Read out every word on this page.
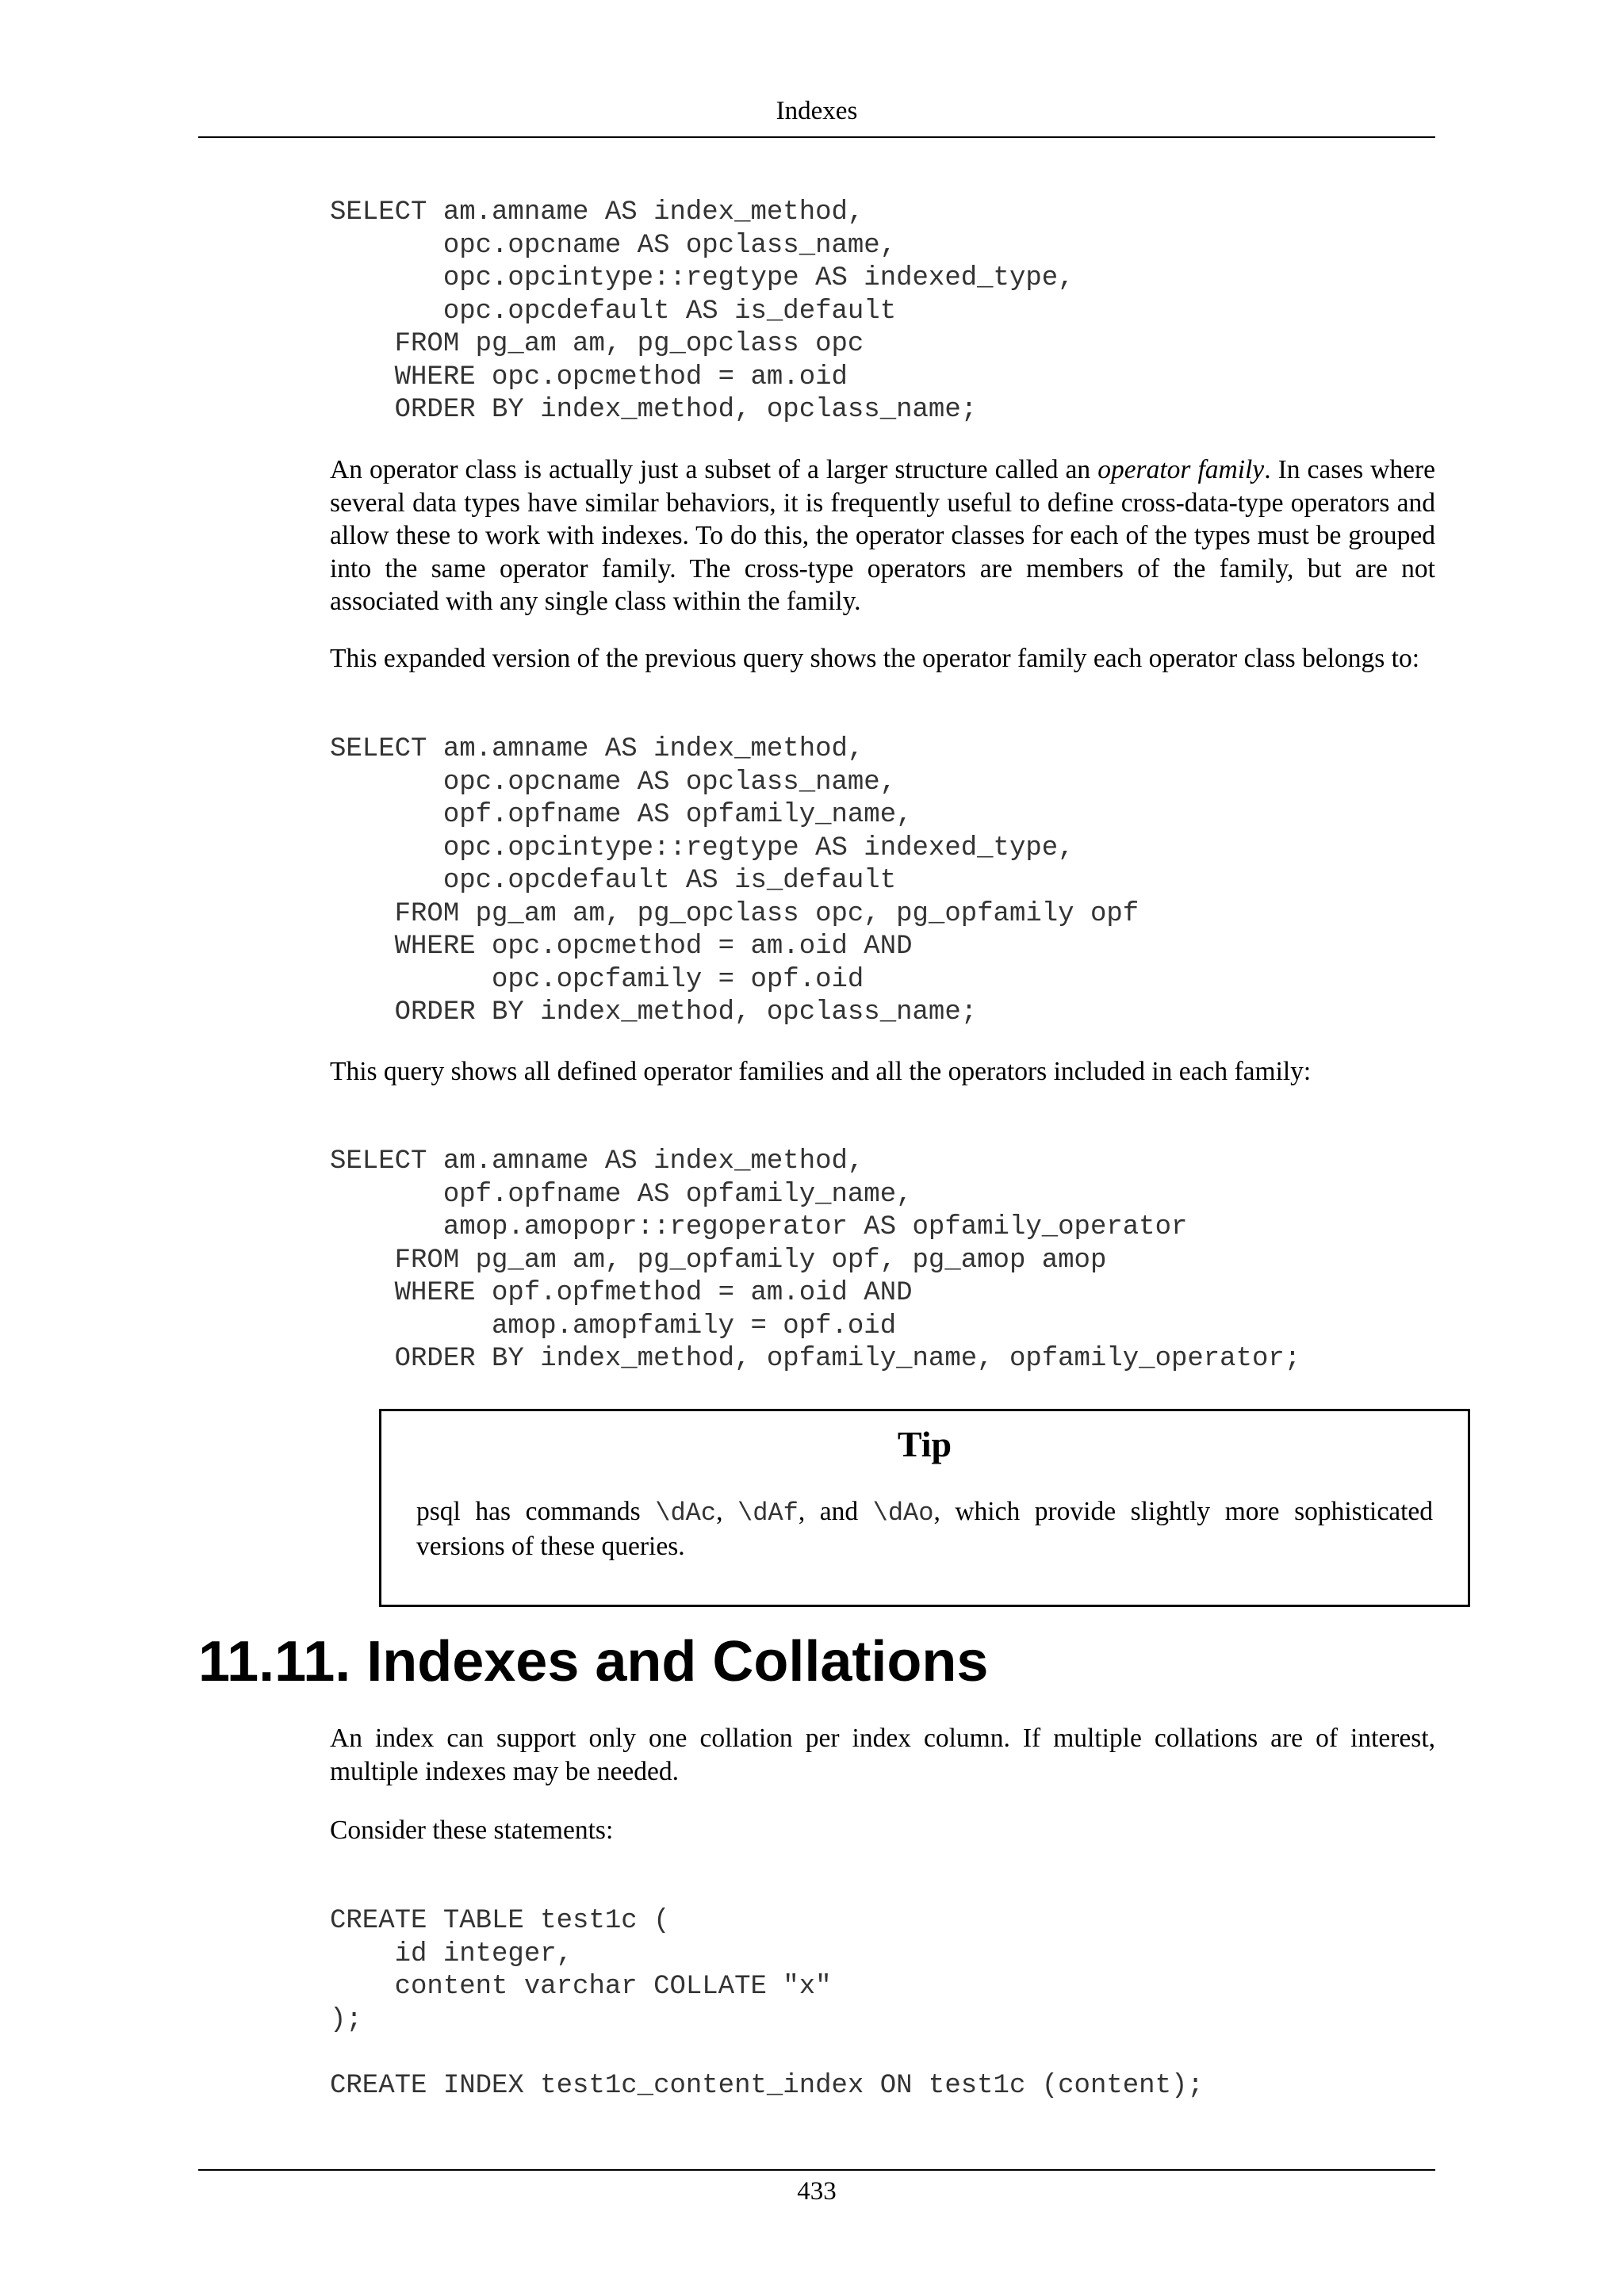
Indexes
SELECT am.amname AS index_method,
opc.opcname AS opclass_name,
opc.opcintype::regtype AS indexed_type,
opc.opcdefault AS is_default
FROM pg_am am, pg_opclass opc
WHERE opc.opcmethod = am.oid
ORDER BY index_method, opclass_name;

An operator class is actually just a subset of a larger structure called an operator family. In cases where several data types have similar behaviors, it is frequently useful to define cross-data-type operators and allow these to work with indexes. To do this, the operator classes for each of the types must be grouped into the same operator family. The cross-type operators are members of the family, but are not associated with any single class within the family.

This expanded version of the previous query shows the operator family each operator class belongs to:

SELECT am.amname AS index_method,
opc.opcname AS opclass_name,
opf.opfname AS opfamily_name,
opc.opcintype::regtype AS indexed_type,
opc.opcdefault AS is_default
FROM pg_am am, pg_opclass opc, pg_opfamily opf
WHERE opc.opcmethod = am.oid AND
opc.opcfamily = opf.oid
ORDER BY index_method, opclass_name;

This query shows all defined operator families and all the operators included in each family:

SELECT am.amname AS index_method,
opf.opfname AS opfamily_name,
amop.amopopr::regoperator AS opfamily_operator
FROM pg_am am, pg_opfamily opf, pg_amop amop
WHERE opf.opfmethod = am.oid AND
amop.amopfamily = opf.oid
ORDER BY index_method, opfamily_name, opfamily_operator;
Tip

psql has commands \dAc, \dAf, and \dAo, which provide slightly more sophisticated versions of these queries.

11.11. Indexes and Collations

An index can support only one collation per index column. If multiple collations are of interest, multiple indexes may be needed.

Consider these statements:

CREATE TABLE test1c (
id integer,
content varchar COLLATE "x"
);

CREATE INDEX test1c_content_index ON test1c (content);
433
